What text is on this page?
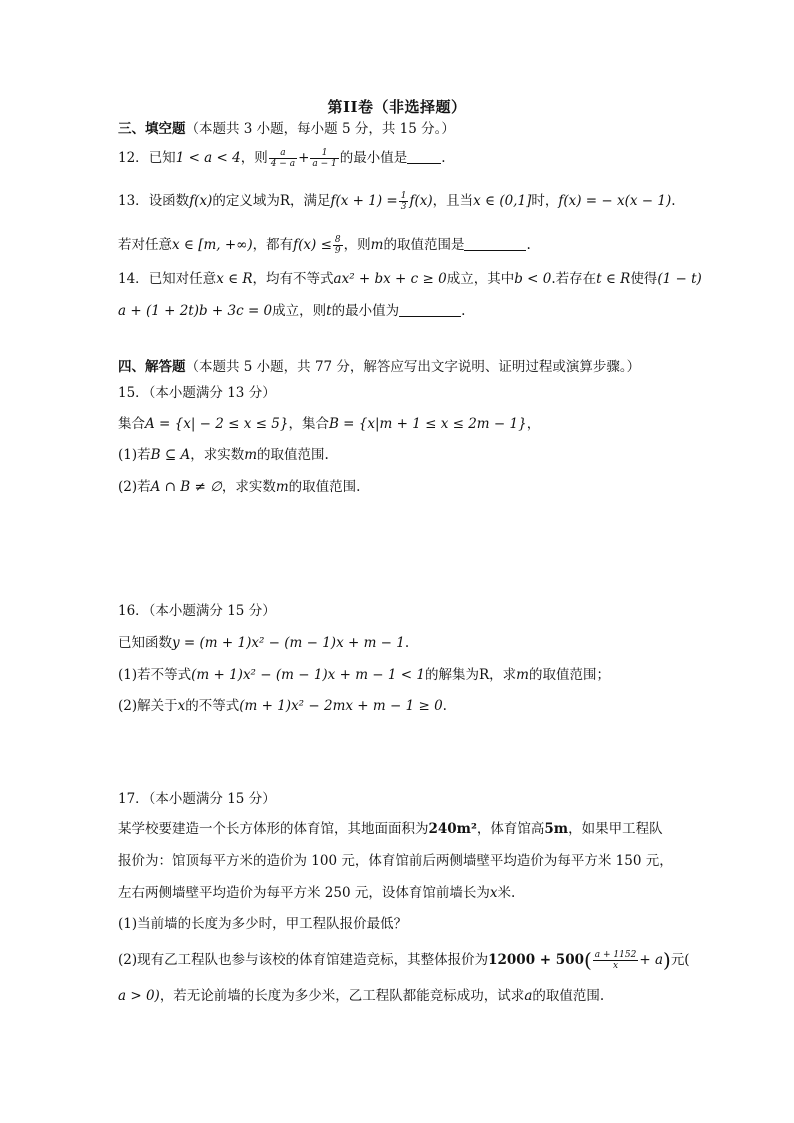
第II卷（非选择题）
三、填空题（本题共 3 小题，每小题 5 分，共 15 分。）
12．已知1 < a < 4，则 $\frac{a}{4 - a} + \frac{1}{a - 1}$ 的最小值是	.
13．设函数f(x)的定义域为R，满足$f(x + 1) = \frac{1}{3} f(x)$，且当x ∈ (0,1]时，f(x) = − x(x − 1).
若对任意x ∈ [m, +∞)，都有$f(x) \le \frac{8}{9}$ ，则m的取值范围是	.
14．已知对任意x ∈ R，均有不等式ax² + bx + c ≥ 0成立，其中b < 0.若存在t ∈ R使得(1 − t)
a + (1 + 2t)b + 3c = 0成立，则t的最小值为	.
四、解答题（本题共 5 小题，共 77 分，解答应写出文字说明、证明过程或演算步骤。）
15．（本小题满分 13 分）
集合A = {x| − 2 ≤ x ≤ 5}，集合B = {x|m + 1 ≤ x ≤ 2m − 1}，
(1)若B ⊆ A，求实数m的取值范围.
(2)若A ∩ B ≠ ∅，求实数m的取值范围.
16．（本小题满分 15 分）
已知函数y = (m + 1)x² − (m − 1)x + m − 1.
(1)若不等式(m + 1)x² − (m − 1)x + m − 1 < 1的解集为R，求m的取值范围；
(2)解关于x的不等式(m + 1)x² − 2mx + m − 1 ≥ 0.
17．（本小题满分 15 分）
某学校要建造一个长方体形的体育馆，其地面面积为240m²，体育馆高5m，如果甲工程队
报价为：馆顶每平方米的造价为 100 元，体育馆前后两侧墙壁平均造价为每平方米 150 元，
左右两侧墙壁平均造价为每平方米 250 元，设体育馆前墙长为x米.
(1)当前墙的长度为多少时，甲工程队报价最低？
(2)现有乙工程队也参与该校的体育馆建造竞标，其整体报价为$12000 + 500( \frac{a + 1152}{x} + a)$元(
a > 0)，若无论前墙的长度为多少米，乙工程队都能竞标成功，试求a的取值范围.
